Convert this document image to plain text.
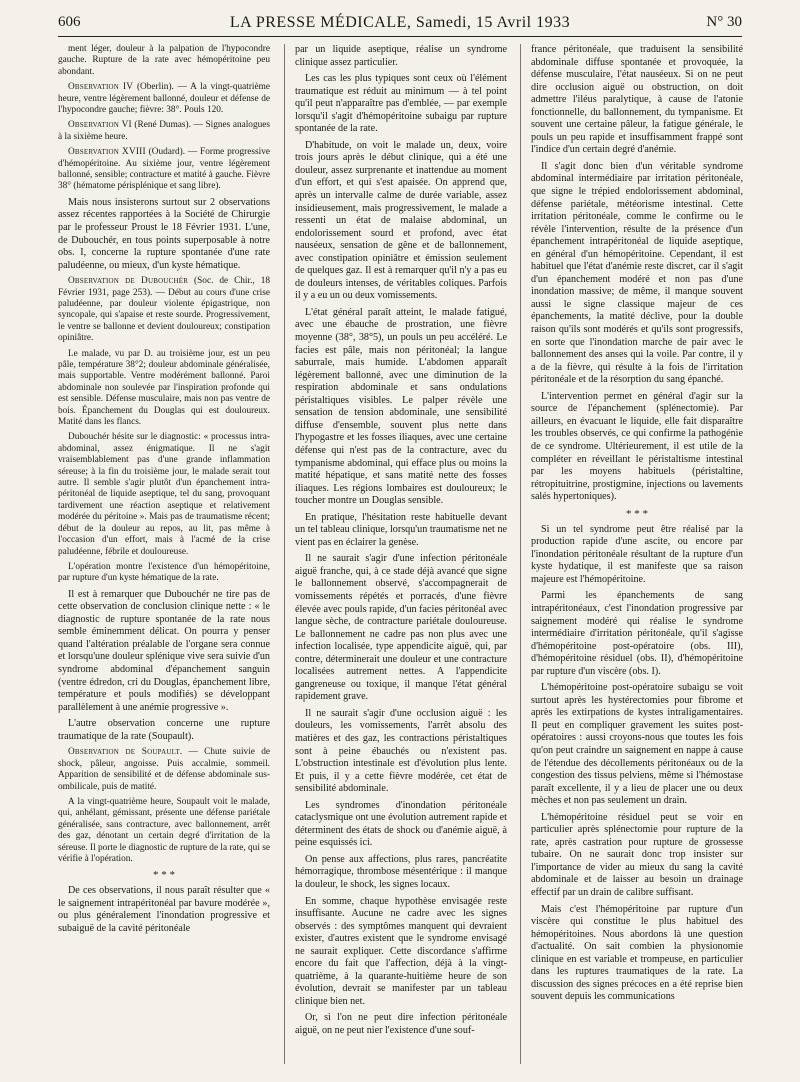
606	LA PRESSE MÉDICALE, Samedi, 15 Avril 1933	N° 30

ment léger, douleur à la palpation de l'hypocondre gauche. Rupture de la rate avec hémopéritoine peu abondant.

Observation IV (Oberlin). — A la vingt-quatrième heure, ventre légèrement ballonné, douleur et défense de l'hypocondre gauche; fièvre: 38°. Pouls 120.

Observation VI (René Dumas). — Signes analogues à la sixième heure.

Observation XVIII (Oudard). — Forme progressive d'hémopéritoine. Au sixième jour, ventre légèrement ballonné, sensible; contracture et matité à gauche. Fièvre 38° (hématome périsplénique et sang libre).

Mais nous insisterons surtout sur 2 observations assez récentes rapportées à la Société de Chirurgie par le professeur Proust le 18 Février 1931. L'une, de Dubouchér, en tous points superposable à notre obs. I, concerne la rupture spontanée d'une rate paludéenne, ou mieux, d'un kyste hématique.

Observation de Dubouchér (Soc. de Chir., 18 Février 1931, page 253). — Début au cours d'une crise paludéenne, par douleur violente épigastrique, non syncopale, qui s'apaise et reste sourde. Progressivement, le ventre se ballonne et devient douloureux; constipation opiniâtre.

Le malade, vu par D. au troisième jour, est un peu pâle, température 38°2; douleur abdominale généralisée, mais supportable. Ventre modérément ballonné. Paroi abdominale non soulevée par l'inspiration profonde qui est sensible. Défense musculaire, mais non pas ventre de bois. Épanchement du Douglas qui est douloureux. Matité dans les flancs.

Dubouchér hésite sur le diagnostic: « processus intra-abdominal, assez énigmatique. Il ne s'agit vraisemblablement pas d'une grande inflammation séreuse; à la fin du troisième jour, le malade serait tout autre. Il semble s'agir plutôt d'un épanchement intra-péritonéal de liquide aseptique, tel du sang, provoquant tardivement une réaction aseptique et relativement modérée du péritoine ». Mais pas de traumatisme récent; début de la douleur au repos, au lit, pas même à l'occasion d'un effort, mais à l'acmé de la crise paludéenne, fébrile et douloureuse.

L'opération montre l'existence d'un hémopéritoine, par rupture d'un kyste hématique de la rate.

Il est à remarquer que Dubouchér ne tire pas de cette observation de conclusion clinique nette : « le diagnostic de rupture spontanée de la rate nous semble éminemment délicat. On pourra y penser quand l'altération préalable de l'organe sera connue et lorsqu'une douleur splénique vive sera suivie d'un syndrome abdominal d'épanchement sanguin (ventre édredon, cri du Douglas, épanchement libre, température et pouls modifiés) se développant parallèlement à une anémie progressive ».

L'autre observation concerne une rupture traumatique de la rate (Soupault).

Observation de Soupault. — Chute suivie de shock, pâleur, angoisse. Puis accalmie, sommeil. Apparition de sensibilité et de défense abdominale sus-ombilicale, puis de matité.

A la vingt-quatrième heure, Soupault voit le malade, qui, anhélant, gémissant, présente une défense pariétale généralisée, sans contracture, avec ballonnement, arrêt des gaz, dénotant un certain degré d'irritation de la séreuse. Il porte le diagnostic de rupture de la rate, qui se vérifie à l'opération.

* * *

De ces observations, il nous paraît résulter que « le saignement intrapéritonéal par bavure modérée », ou plus généralement l'inondation progressive et subaiguë de la cavité péritonéale

par un liquide aseptique, réalise un syndrome clinique assez particulier.

Les cas les plus typiques sont ceux où l'élément traumatique est réduit au minimum — à tel point qu'il peut n'apparaître pas d'emblée, — par exemple lorsqu'il s'agit d'hémopéritoine subaigu par rupture spontanée de la rate.

D'habitude, on voit le malade un, deux, voire trois jours après le début clinique, qui a été une douleur, assez surprenante et inattendue au moment d'un effort, et qui s'est apaisée. On apprend que, après un intervalle calme de durée variable, assez insidieusement, mais progressivement, le malade a ressenti un état de malaise abdominal, un endolorissement sourd et profond, avec état nauséeux, sensation de gêne et de ballonnement, avec constipation opiniâtre et émission seulement de quelques gaz. Il est à remarquer qu'il n'y a pas eu de douleurs intenses, de véritables coliques. Parfois il y a eu un ou deux vomissements.

L'état général paraît atteint, le malade fatigué, avec une ébauche de prostration, une fièvre moyenne (38°, 38°5), un pouls un peu accéléré. Le facies est pâle, mais non péritonéal; la langue saburrale, mais humide. L'abdomen apparaît légèrement ballonné, avec une diminution de la respiration abdominale et sans ondulations péristaltiques visibles. Le palper révèle une sensation de tension abdominale, une sensibilité diffuse d'ensemble, souvent plus nette dans l'hypogastre et les fosses iliaques, avec une certaine défense qui n'est pas de la contracture, avec du tympanisme abdominal, qui efface plus ou moins la matité hépatique, et sans matité nette des fosses iliaques. Les régions lombaires est douloureux; le toucher montre un Douglas sensible.

En pratique, l'hésitation reste habituelle devant un tel tableau clinique, lorsqu'un traumatisme net ne vient pas en éclairer la genèse.

Il ne saurait s'agir d'une infection péritonéale aiguë franche, qui, à ce stade déjà avancé que signe le ballonnement observé, s'accompagnerait de vomissements répétés et porracés, d'une fièvre élevée avec pouls rapide, d'un facies péritonéal avec langue sèche, de contracture pariétale douloureuse. Le ballonnement ne cadre pas non plus avec une infection localisée, type appendicite aiguë, qui, par contre, déterminerait une douleur et une contracture localisées autrement nettes. A l'appendicite gangreneuse ou toxique, il manque l'état général rapidement grave.

Il ne saurait s'agir d'une occlusion aiguë : les douleurs, les vomissements, l'arrêt absolu des matières et des gaz, les contractions péristaltiques sont à peine ébauchés ou n'existent pas. L'obstruction intestinale est d'évolution plus lente. Et puis, il y a cette fièvre modérée, cet état de sensibilité abdominale.

Les syndromes d'inondation péritonéale cataclysmique ont une évolution autrement rapide et déterminent des états de shock ou d'anémie aiguë, à peine esquissés ici.

On pense aux affections, plus rares, pancréatite hémorragique, thrombose mésentérique : il manque la douleur, le shock, les signes locaux.

En somme, chaque hypothèse envisagée reste insuffisante. Aucune ne cadre avec les signes observés : des symptômes manquent qui devraient exister, d'autres existent que le syndrome envisagé ne saurait expliquer. Cette discordance s'affirme encore du fait que l'affection, déjà à la vingt-quatrième, à la quarante-huitième heure de son évolution, devrait se manifester par un tableau clinique bien net.

Or, si l'on ne peut dire infection péritonéale aiguë, on ne peut nier l'existence d'une souf-

france péritonéale, que traduisent la sensibilité abdominale diffuse spontanée et provoquée, la défense musculaire, l'état nauséeux. Si on ne peut dire occlusion aiguë ou obstruction, on doit admettre l'iléus paralytique, à cause de l'atonie fonctionnelle, du ballonnement, du tympanisme. Et souvent une certaine pâleur, la fatigue générale, le pouls un peu rapide et insuffisamment frappé sont l'indice d'un certain degré d'anémie.

Il s'agit donc bien d'un véritable syndrome abdominal intermédiaire par irritation péritonéale, que signe le trépied endolorissement abdominal, défense pariétale, météorisme intestinal. Cette irritation péritonéale, comme le confirme ou le révèle l'intervention, résulte de la présence d'un épanchement intrapéritonéal de liquide aseptique, en général d'un hémopéritoine. Cependant, il est habituel que l'état d'anémie reste discret, car il s'agit d'un épanchement modéré et non pas d'une inondation massive; de même, il manque souvent aussi le signe classique majeur de ces épanchements, la matité déclive, pour la double raison qu'ils sont modérés et qu'ils sont progressifs, en sorte que l'inondation marche de pair avec le ballonnement des anses qui la voile. Par contre, il y a de la fièvre, qui résulte à la fois de l'irritation péritonéale et de la résorption du sang épanché.

L'intervention permet en général d'agir sur la source de l'épanchement (splénectomie). Par ailleurs, en évacuant le liquide, elle fait disparaître les troubles observés, ce qui confirme la pathogénie de ce syndrome. Ultérieurement, il est utile de la compléter en réveillant le péristaltisme intestinal par les moyens habituels (péristaltine, rétropituitrine, prostigmine, injections ou lavements salés hypertoniques).

* * *

Si un tel syndrome peut être réalisé par la production rapide d'une ascite, ou encore par l'inondation péritonéale résultant de la rupture d'un kyste hydatique, il est manifeste que sa raison majeure est l'hémopéritoine.

Parmi les épanchements de sang intrapéritonéaux, c'est l'inondation progressive par saignement modéré qui réalise le syndrome intermédiaire d'irritation péritonéale, qu'il s'agisse d'hémopéritoine post-opératoire (obs. III), d'hémopéritoine résiduel (obs. II), d'hémopéritoine par rupture d'un viscère (obs. I).

L'hémopéritoine post-opératoire subaigu se voit surtout après les hystérectomies pour fibrome et après les extirpations de kystes intraligamentaires. Il peut en compliquer gravement les suites post-opératoires : aussi croyons-nous que toutes les fois qu'on peut craindre un saignement en nappe à cause de l'étendue des décollements péritonéaux ou de la congestion des tissus pelviens, même si l'hémostase paraît excellente, il y a lieu de placer une ou deux mèches et non pas seulement un drain.

L'hémopéritoine résiduel peut se voir en particulier après splénectomie pour rupture de la rate, après castration pour rupture de grossesse tubaire. On ne saurait donc trop insister sur l'importance de vider au mieux du sang la cavité abdominale et de laisser au besoin un drainage effectif par un drain de calibre suffisant.

Mais c'est l'hémopéritoine par rupture d'un viscère qui constitue le plus habituel des hémopéritoines. Nous abordons là une question d'actualité. On sait combien la physionomie clinique en est variable et trompeuse, en particulier dans les ruptures traumatiques de la rate. La discussion des signes précoces en a été reprise bien souvent depuis les communications
